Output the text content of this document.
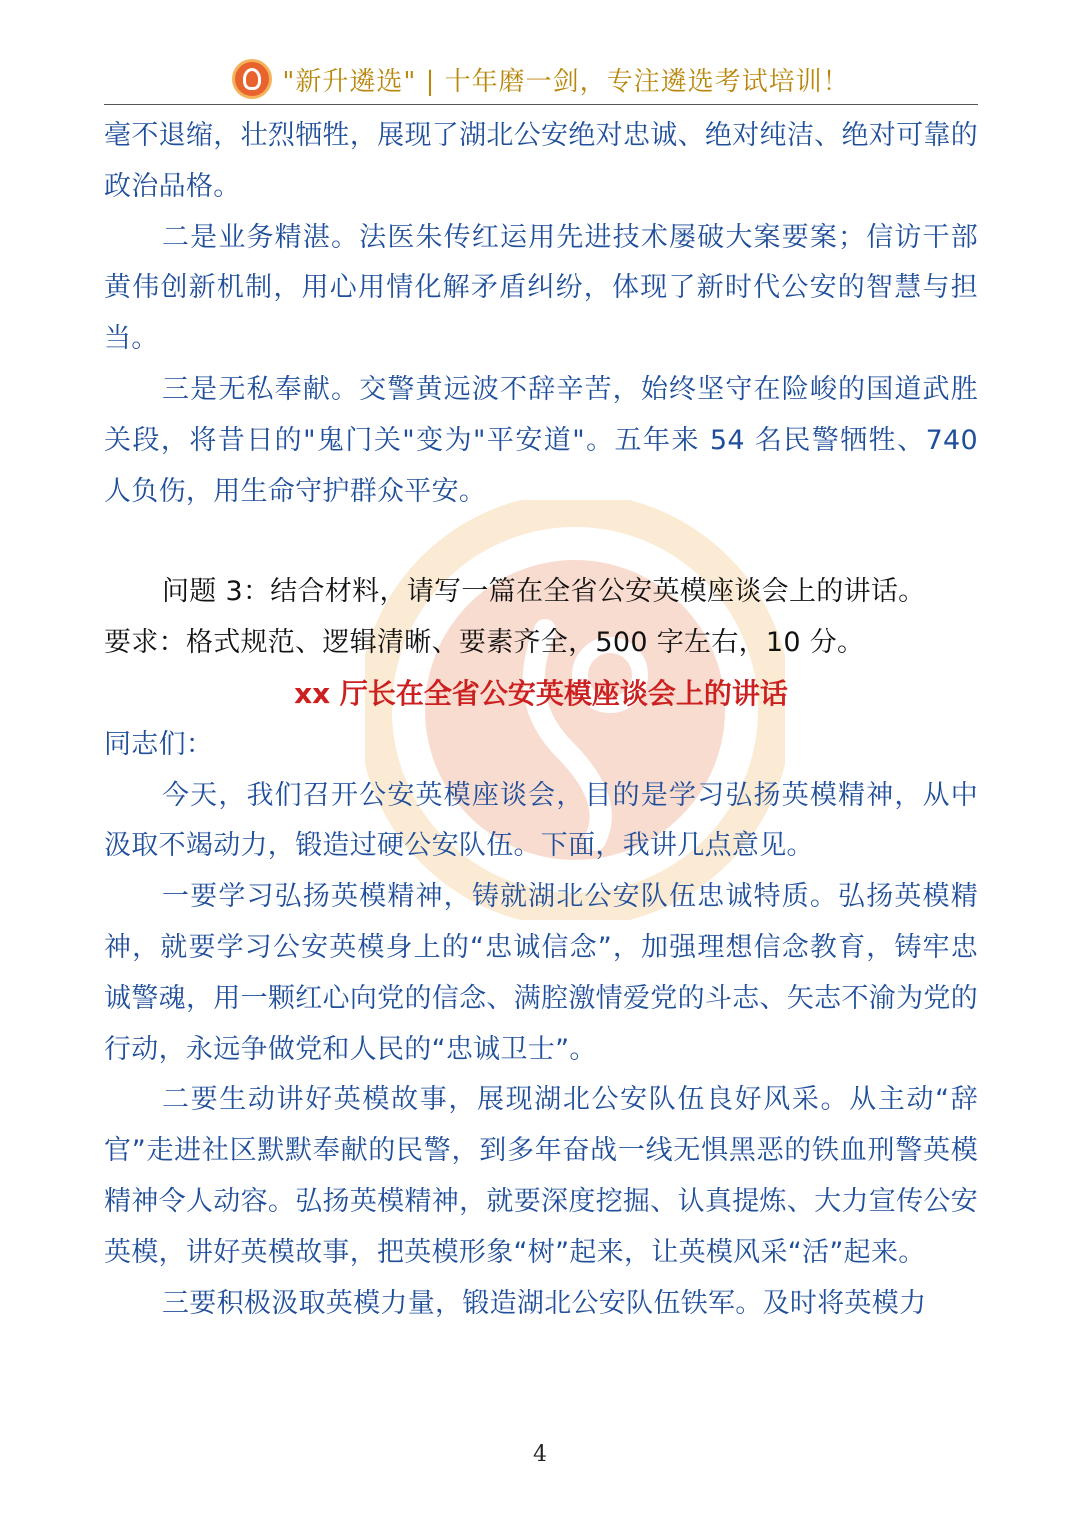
"新升遴选" | 十年磨一剑，专注遴选考试培训！

毫不退缩，壮烈牺牲，展现了湖北公安绝对忠诚、绝对纯洁、绝对可靠的政治品格。

二是业务精湛。法医朱传红运用先进技术屡破大案要案；信访干部黄伟创新机制，用心用情化解矛盾纠纷，体现了新时代公安的智慧与担当。

三是无私奉献。交警黄远波不辞辛苦，始终坚守在险峻的国道武胜关段，将昔日的"鬼门关"变为"平安道"。五年来 54 名民警牺牲、740 人负伤，用生命守护群众平安。

问题 3：结合材料，请写一篇在全省公安英模座谈会上的讲话。

要求：格式规范、逻辑清晰、要素齐全，500 字左右，10 分。

xx 厅长在全省公安英模座谈会上的讲话

同志们：

今天，我们召开公安英模座谈会，目的是学习弘扬英模精神，从中汲取不竭动力，锻造过硬公安队伍。下面，我讲几点意见。

一要学习弘扬英模精神，铸就湖北公安队伍忠诚特质。弘扬英模精神，就要学习公安英模身上的“忠诚信念”，加强理想信念教育，铸牢忠诚警魂，用一颗红心向党的信念、满腔激情爱党的斗志、矢志不渝为党的行动，永远争做党和人民的“忠诚卫士”。

二要生动讲好英模故事，展现湖北公安队伍良好风采。从主动“辞官”走进社区默默奉献的民警，到多年奋战一线无惧黑恶的铁血刑警英模精神令人动容。弘扬英模精神，就要深度挖掘、认真提炼、大力宣传公安英模，讲好英模故事，把英模形象“树”起来，让英模风采“活”起来。

三要积极汲取英模力量，锻造湖北公安队伍铁军。及时将英模力

4
